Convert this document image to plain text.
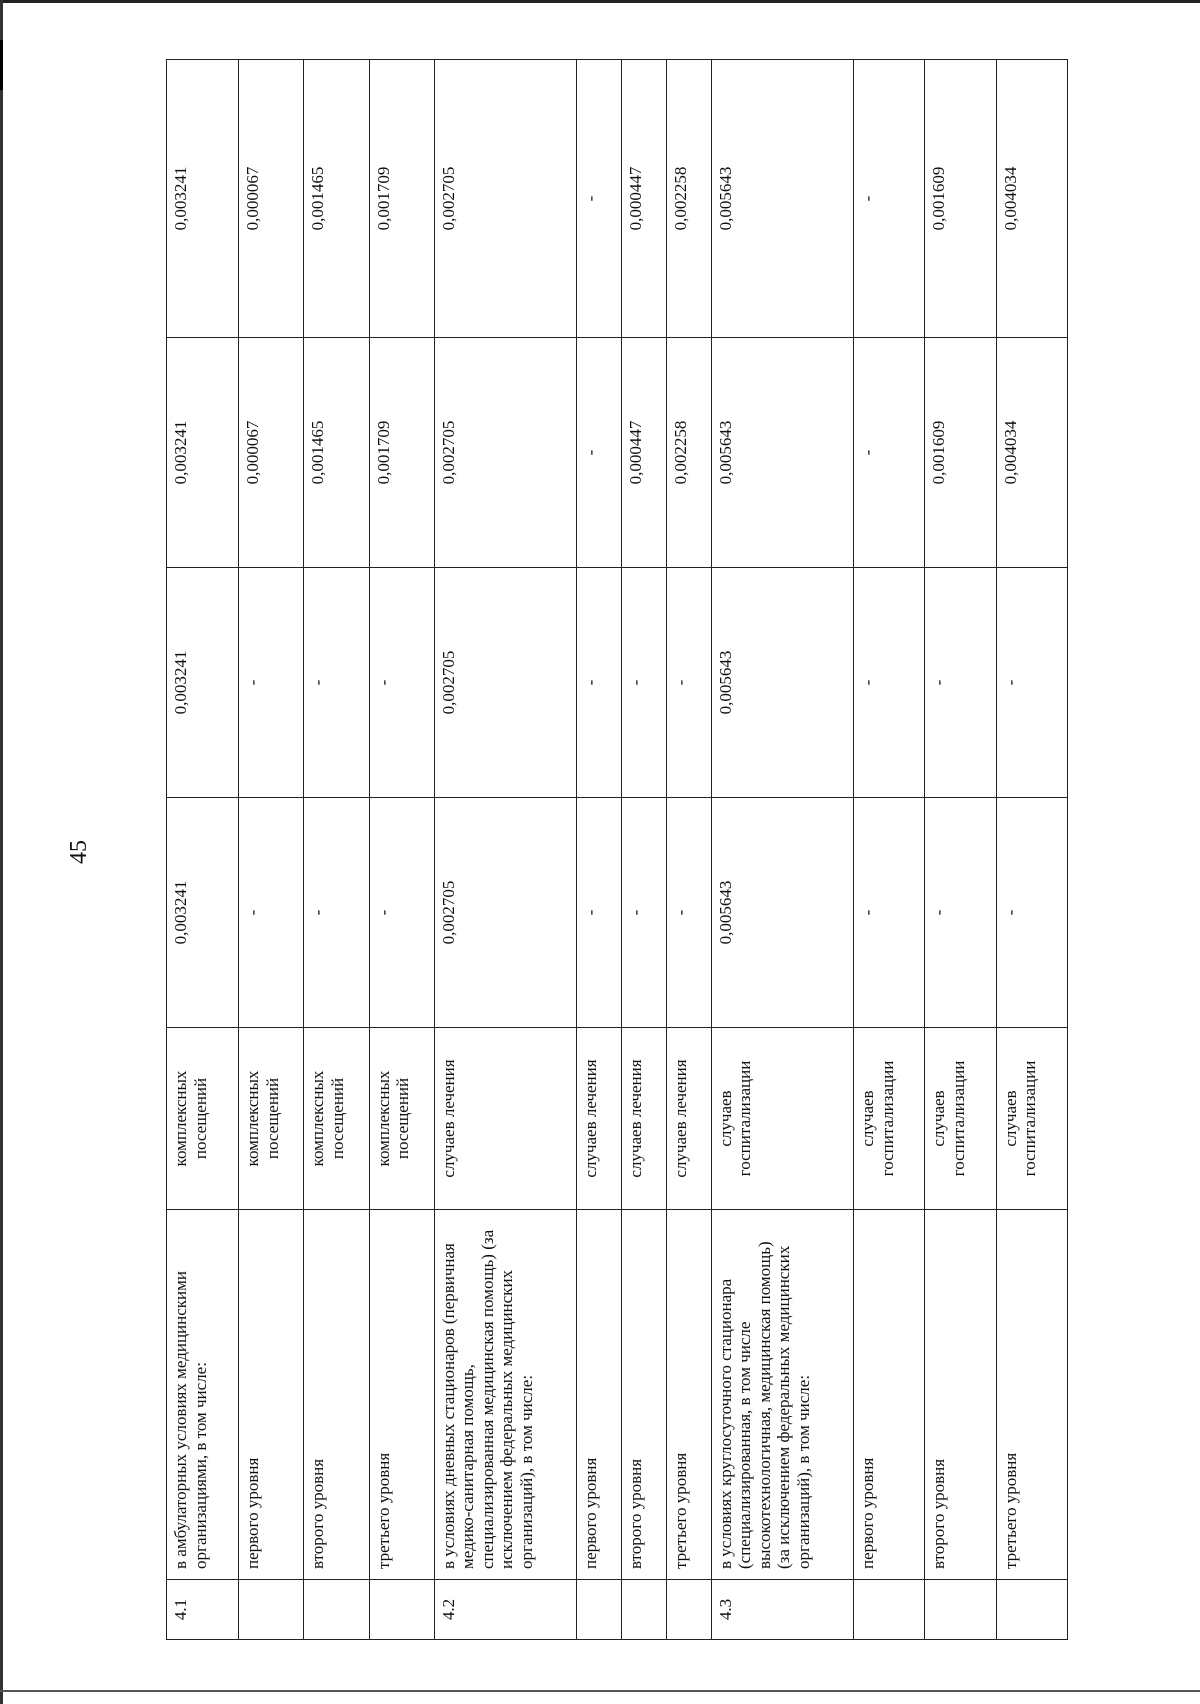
45
4.1	в амбулаторных условиях медицинскими организациями, в том числе:	комплексных посещений	0,003241	0,003241	0,003241	0,003241
	первого уровня	комплексных посещений	-	-	0,000067	0,000067
	второго уровня	комплексных посещений	-	-	0,001465	0,001465
	третьего уровня	комплексных посещений	-	-	0,001709	0,001709
4.2	в условиях дневных стационаров (первичная медико-санитарная помощь, специализированная медицинская помощь) (за исключением федеральных медицинских организаций), в том числе:	случаев лечения	0,002705	0,002705	0,002705	0,002705
	первого уровня	случаев лечения	-	-	-	-
	второго уровня	случаев лечения	-	-	0,000447	0,000447
	третьего уровня	случаев лечения	-	-	0,002258	0,002258
4.3	в условиях круглосуточного стационара (специализированная, в том числе высокотехнологичная, медицинская помощь) (за исключением федеральных медицинских организаций), в том числе:	случаев госпитализации	0,005643	0,005643	0,005643	0,005643
	первого уровня	случаев госпитализации	-	-	-	-
	второго уровня	случаев госпитализации	-	-	0,001609	0,001609
	третьего уровня	случаев госпитализации	-	-	0,004034	0,004034
